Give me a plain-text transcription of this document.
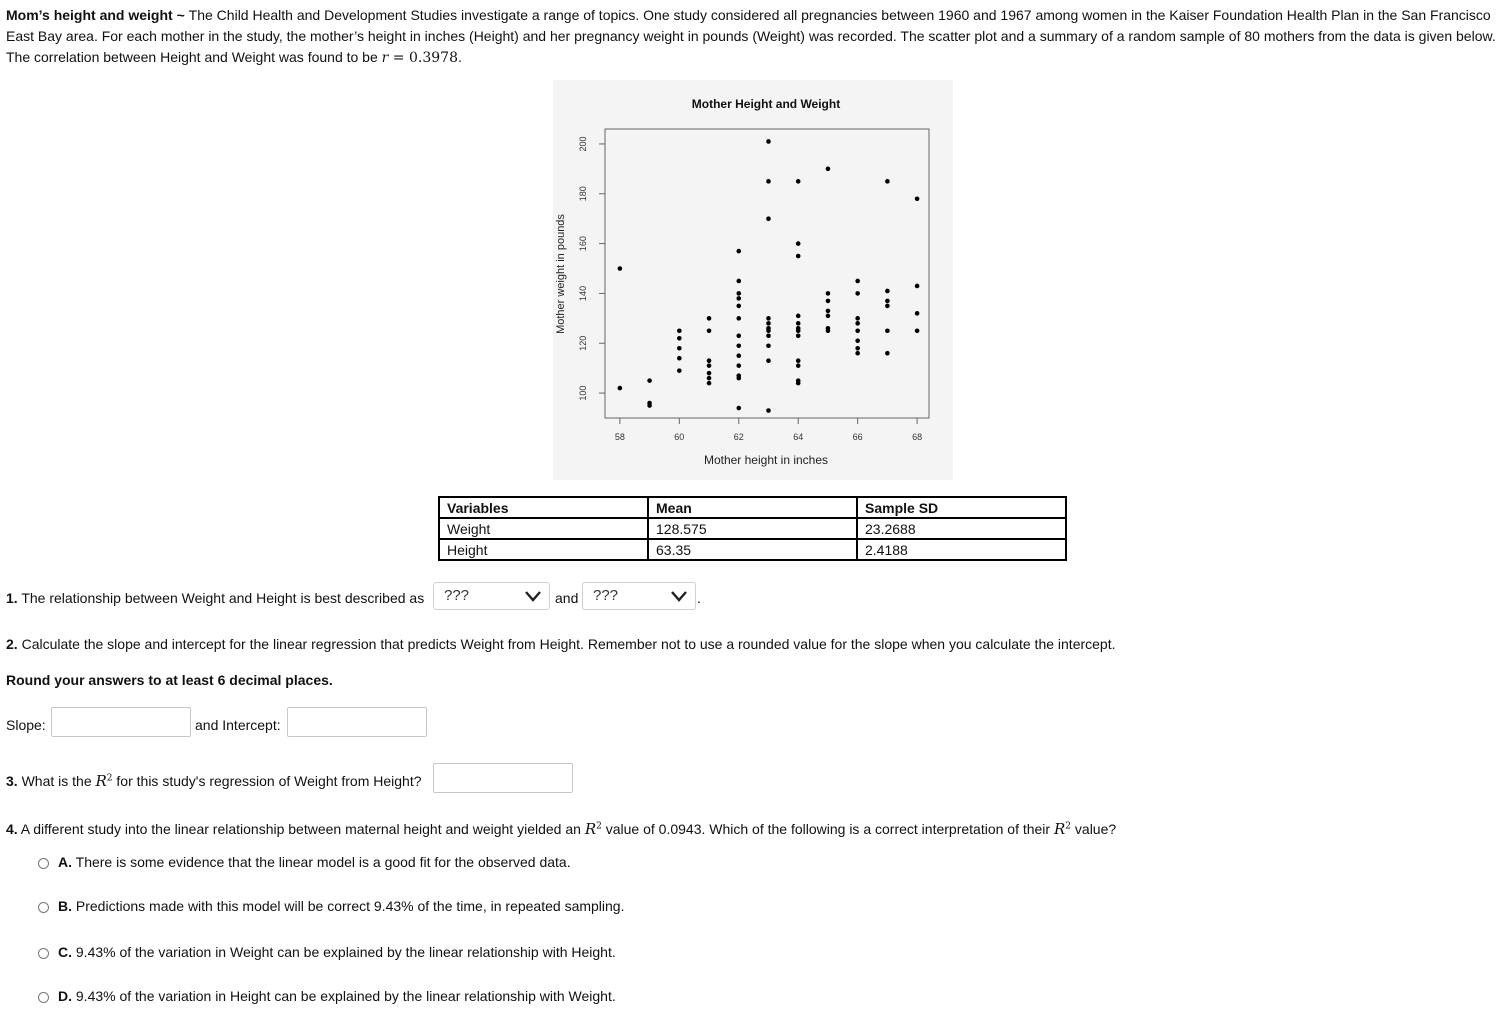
Mom’s height and weight ~ The Child Health and Development Studies investigate a range of topics. One study considered all pregnancies between 1960 and 1967 among women in the Kaiser Foundation Health Plan in the San Francisco East Bay area. For each mother in the study, the mother’s height in inches (Height) and her pregnancy weight in pounds (Weight) was recorded. The scatter plot and a summary of a random sample of 80 mothers from the data is given below. The correlation between Height and Weight was found to be r = 0.3978.
Mother Height and Weight
58	60	62	64	66	68
100
120
140
160
180
200
Mother height in inches
Mother weight in pounds
Variables	Mean	Sample SD
Weight	128.575	23.2688
Height	63.35	2.4188
1. The relationship between Weight and Height is best described as ???	and ???	.
2. Calculate the slope and intercept for the linear regression that predicts Weight from Height. Remember not to use a rounded value for the slope when you calculate the intercept.
Round your answers to at least 6 decimal places.
Slope:	and Intercept:
3. What is the $R^2$ for this study's regression of Weight from Height?
4. A different study into the linear relationship between maternal height and weight yielded an $R^2$ value of 0.0943. Which of the following is a correct interpretation of their $R^2$ value?
A. There is some evidence that the linear model is a good fit for the observed data.
B. Predictions made with this model will be correct 9.43% of the time, in repeated sampling.
C. 9.43% of the variation in Weight can be explained by the linear relationship with Height.
D. 9.43% of the variation in Height can be explained by the linear relationship with Weight.
